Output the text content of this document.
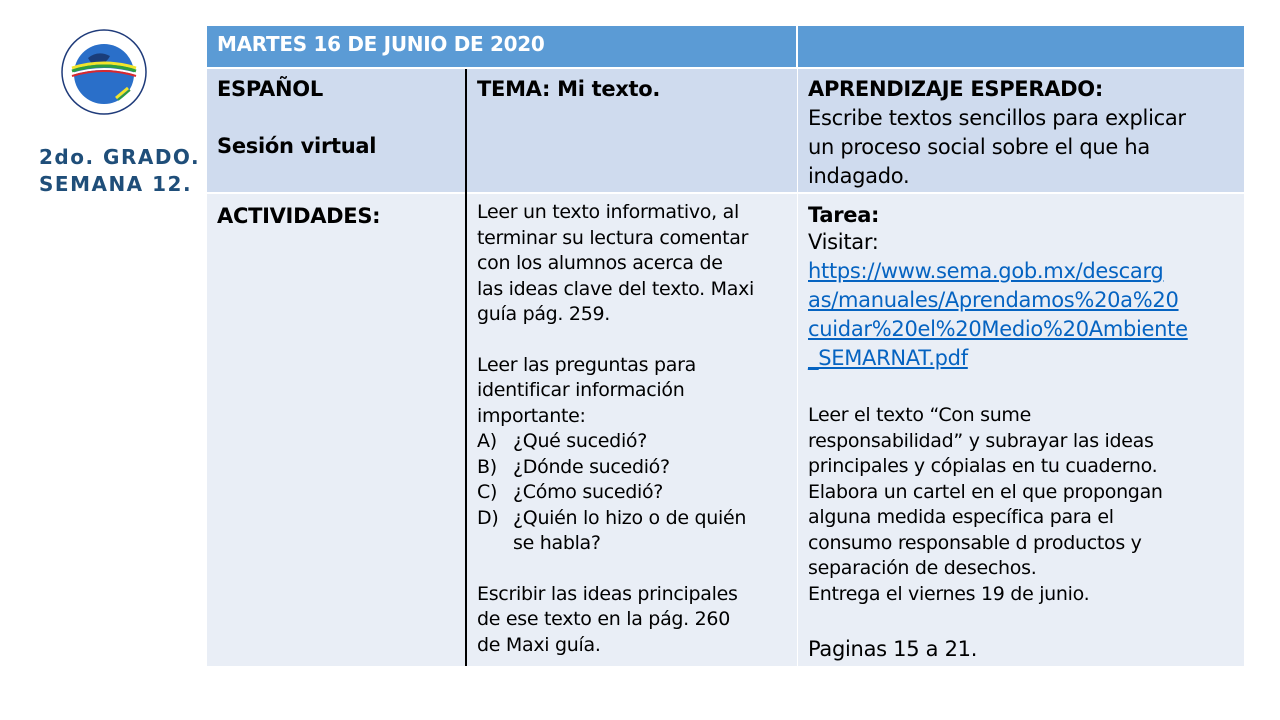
2do. GRADO.
SEMANA 12.
MARTES 16 DE JUNIO DE 2020
ESPAÑOL
Sesión virtual
TEMA: Mi texto.	APRENDIZAJE ESPERADO:
Escribe textos sencillos para explicar
un proceso social sobre el que ha
indagado.
ACTIVIDADES:	Leer un texto informativo, al
terminar su lectura comentar
con los alumnos acerca de
las ideas clave del texto. Maxi
guía pág. 259.
Leer las preguntas para
identificar información
importante:
A) ¿Qué sucedió?
B) ¿Dónde sucedió?
C) ¿Cómo sucedió?
D) ¿Quién lo hizo o de quién
se habla?
Escribir las ideas principales
de ese texto en la pág. 260
de Maxi guía.
Tarea:
Visitar:
https://www.sema.gob.mx/descarg
as/manuales/Aprendamos%20a%20
cuidar%20el%20Medio%20Ambiente
_SEMARNAT.pdf
Leer el texto “Con sume
responsabilidad” y subrayar las ideas
principales y cópialas en tu cuaderno.
Elabora un cartel en el que propongan
alguna medida específica para el
consumo responsable d productos y
separación de desechos.
Entrega el viernes 19 de junio.
Paginas 15 a 21.
